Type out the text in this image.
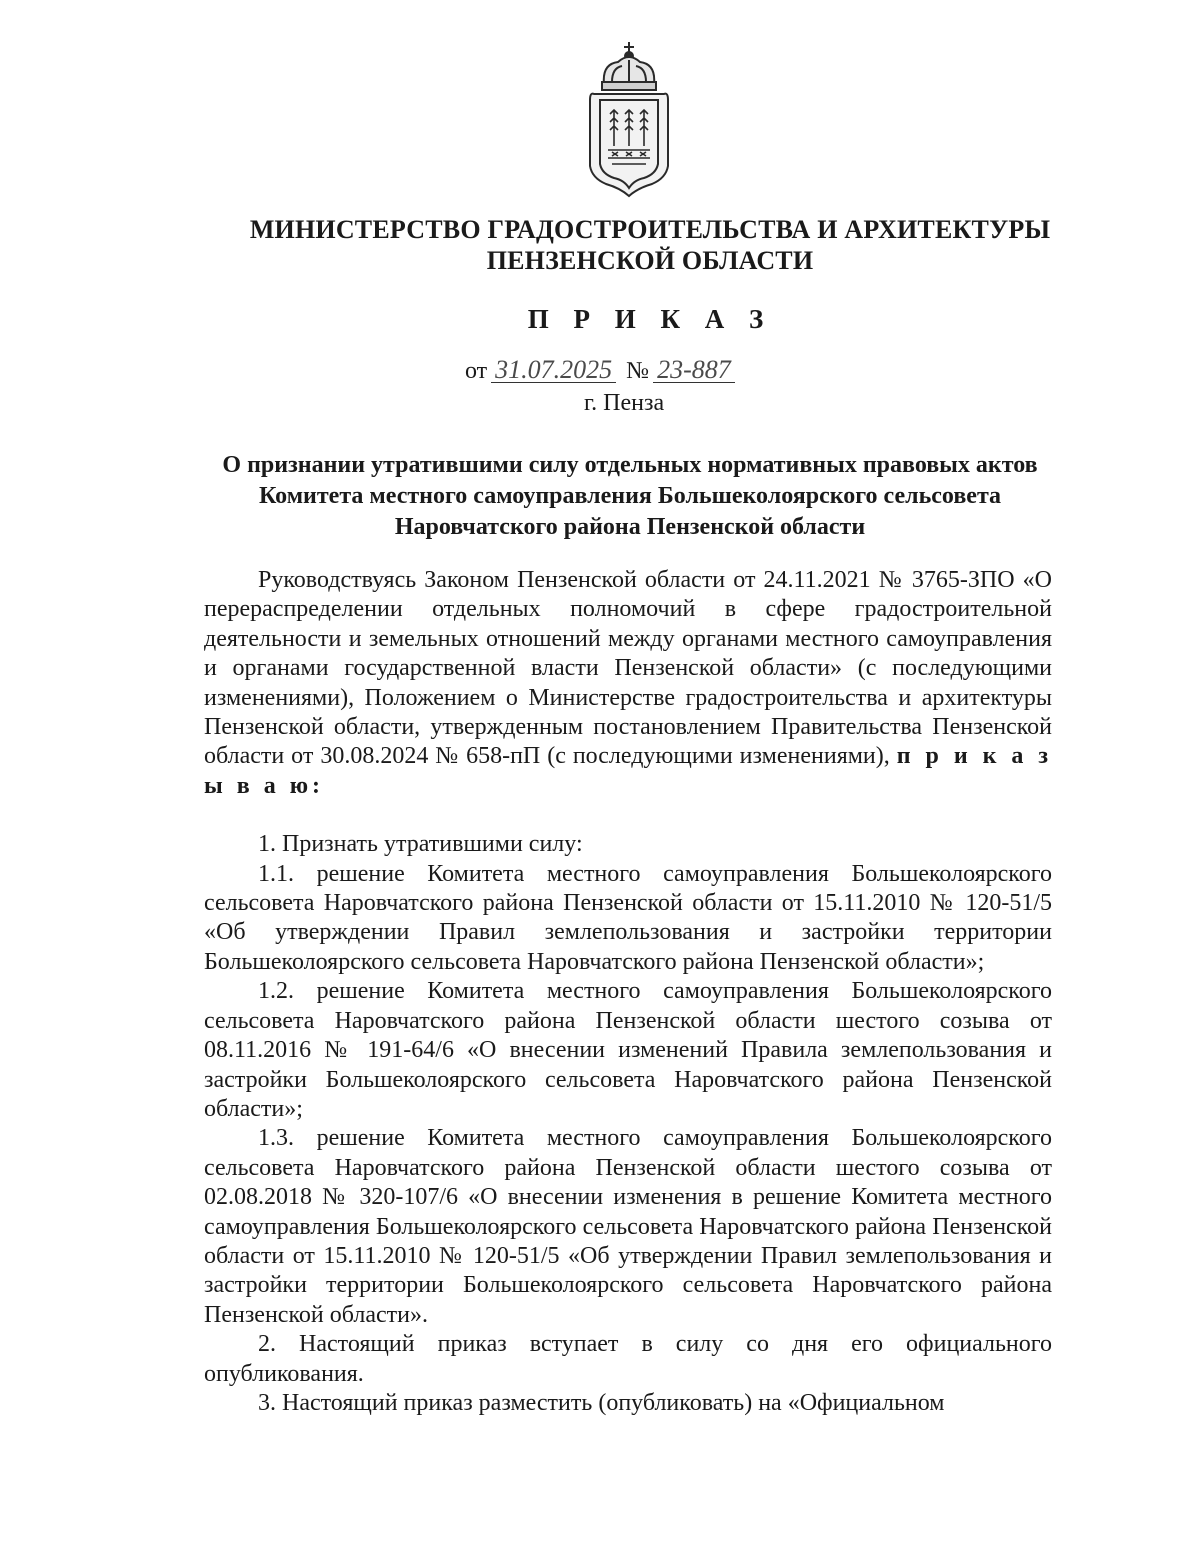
МИНИСТЕРСТВО ГРАДОСТРОИТЕЛЬСТВА И АРХИТЕКТУРЫ
ПЕНЗЕНСКОЙ ОБЛАСТИ
П Р И К А З
от 31.07.2025 № 23-887
г. Пенза
О признании утратившими силу отдельных нормативных правовых актов Комитета местного самоуправления Большеколоярского сельсовета Наровчатского района Пензенской области

Руководствуясь Законом Пензенской области от 24.11.2021 № 3765-ЗПО «О перераспределении отдельных полномочий в сфере градостроительной деятельности и земельных отношений между органами местного самоуправления и органами государственной власти Пензенской области» (с последующими изменениями), Положением о Министерстве градостроительства и архитектуры Пензенской области, утвержденным постановлением Правительства Пензенской области от 30.08.2024 № 658-пП (с последующими изменениями), п р и к а з ы в а ю:

1. Признать утратившими силу:

1.1. решение Комитета местного самоуправления Большеколоярского сельсовета Наровчатского района Пензенской области от 15.11.2010 № 120-51/5 «Об утверждении Правил землепользования и застройки территории Большеколоярского сельсовета Наровчатского района Пензенской области»;

1.2. решение Комитета местного самоуправления Большеколоярского сельсовета Наровчатского района Пензенской области шестого созыва от 08.11.2016 № 191-64/6 «О внесении изменений Правила землепользования и застройки Большеколоярского сельсовета Наровчатского района Пензенской области»;

1.3. решение Комитета местного самоуправления Большеколоярского сельсовета Наровчатского района Пензенской области шестого созыва от 02.08.2018 № 320-107/6 «О внесении изменения в решение Комитета местного самоуправления Большеколоярского сельсовета Наровчатского района Пензенской области от 15.11.2010 № 120-51/5 «Об утверждении Правил землепользования и застройки территории Большеколоярского сельсовета Наровчатского района Пензенской области».

2. Настоящий приказ вступает в силу со дня его официального опубликования.

3. Настоящий приказ разместить (опубликовать) на «Официальном
